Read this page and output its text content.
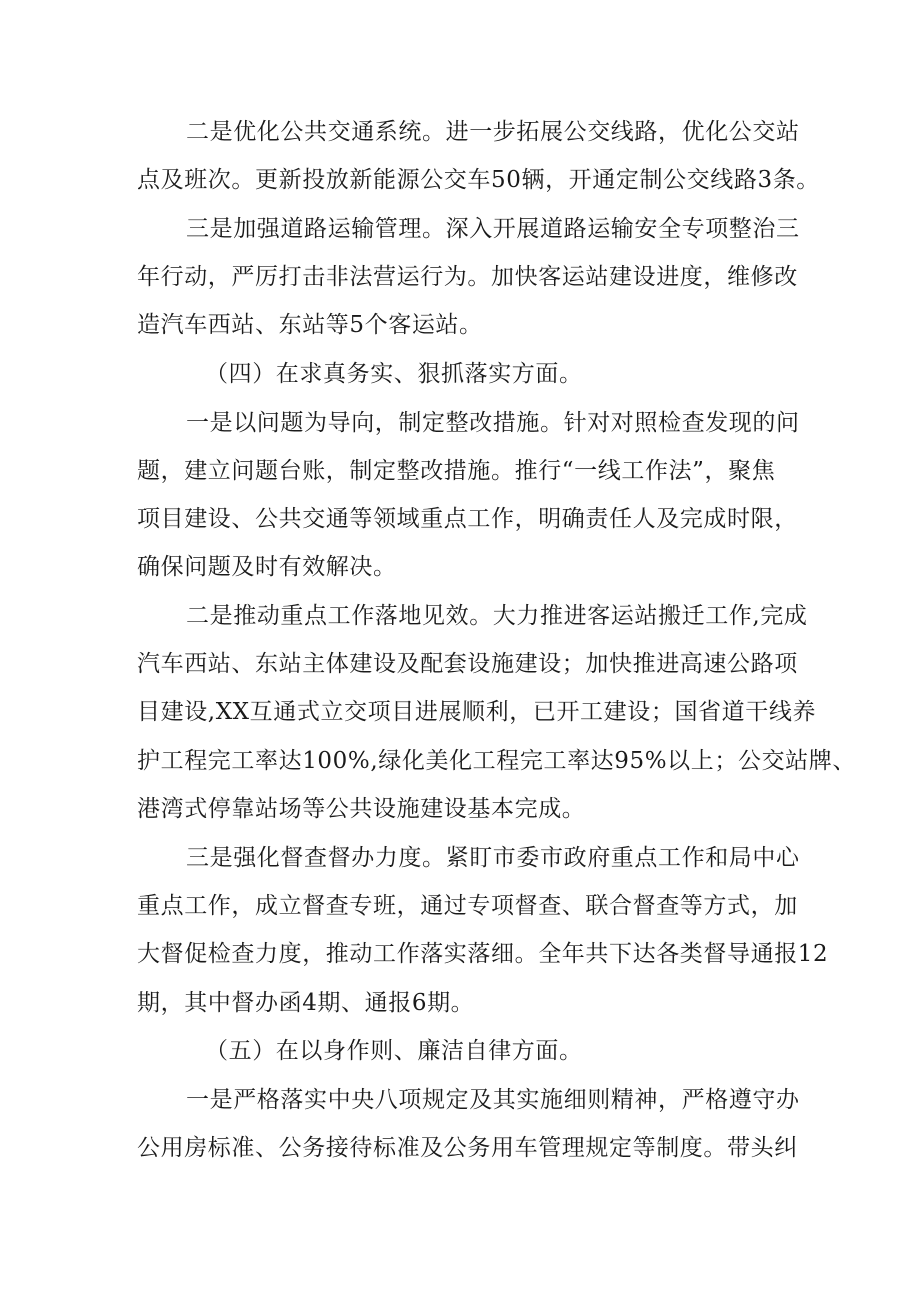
二是优化公共交通系统。进一步拓展公交线路，优化公交站
点及班次。更新投放新能源公交车50辆，开通定制公交线路3条。
三是加强道路运输管理。深入开展道路运输安全专项整治三
年行动，严厉打击非法营运行为。加快客运站建设进度，维修改
造汽车西站、东站等5个客运站。
（四）在求真务实、狠抓落实方面。
一是以问题为导向，制定整改措施。针对对照检查发现的问
题，建立问题台账，制定整改措施。推行“一线工作法”，聚焦
项目建设、公共交通等领域重点工作，明确责任人及完成时限，
确保问题及时有效解决。
二是推动重点工作落地见效。大力推进客运站搬迁工作,完成
汽车西站、东站主体建设及配套设施建设；加快推进高速公路项
目建设,XX互通式立交项目进展顺利，已开工建设；国省道干线养
护工程完工率达100%,绿化美化工程完工率达95%以上；公交站牌、
港湾式停靠站场等公共设施建设基本完成。
三是强化督查督办力度。紧盯市委市政府重点工作和局中心
重点工作，成立督查专班，通过专项督查、联合督查等方式，加
大督促检查力度，推动工作落实落细。全年共下达各类督导通报12
期，其中督办函4期、通报6期。
（五）在以身作则、廉洁自律方面。
一是严格落实中央八项规定及其实施细则精神，严格遵守办
公用房标准、公务接待标准及公务用车管理规定等制度。带头纠
